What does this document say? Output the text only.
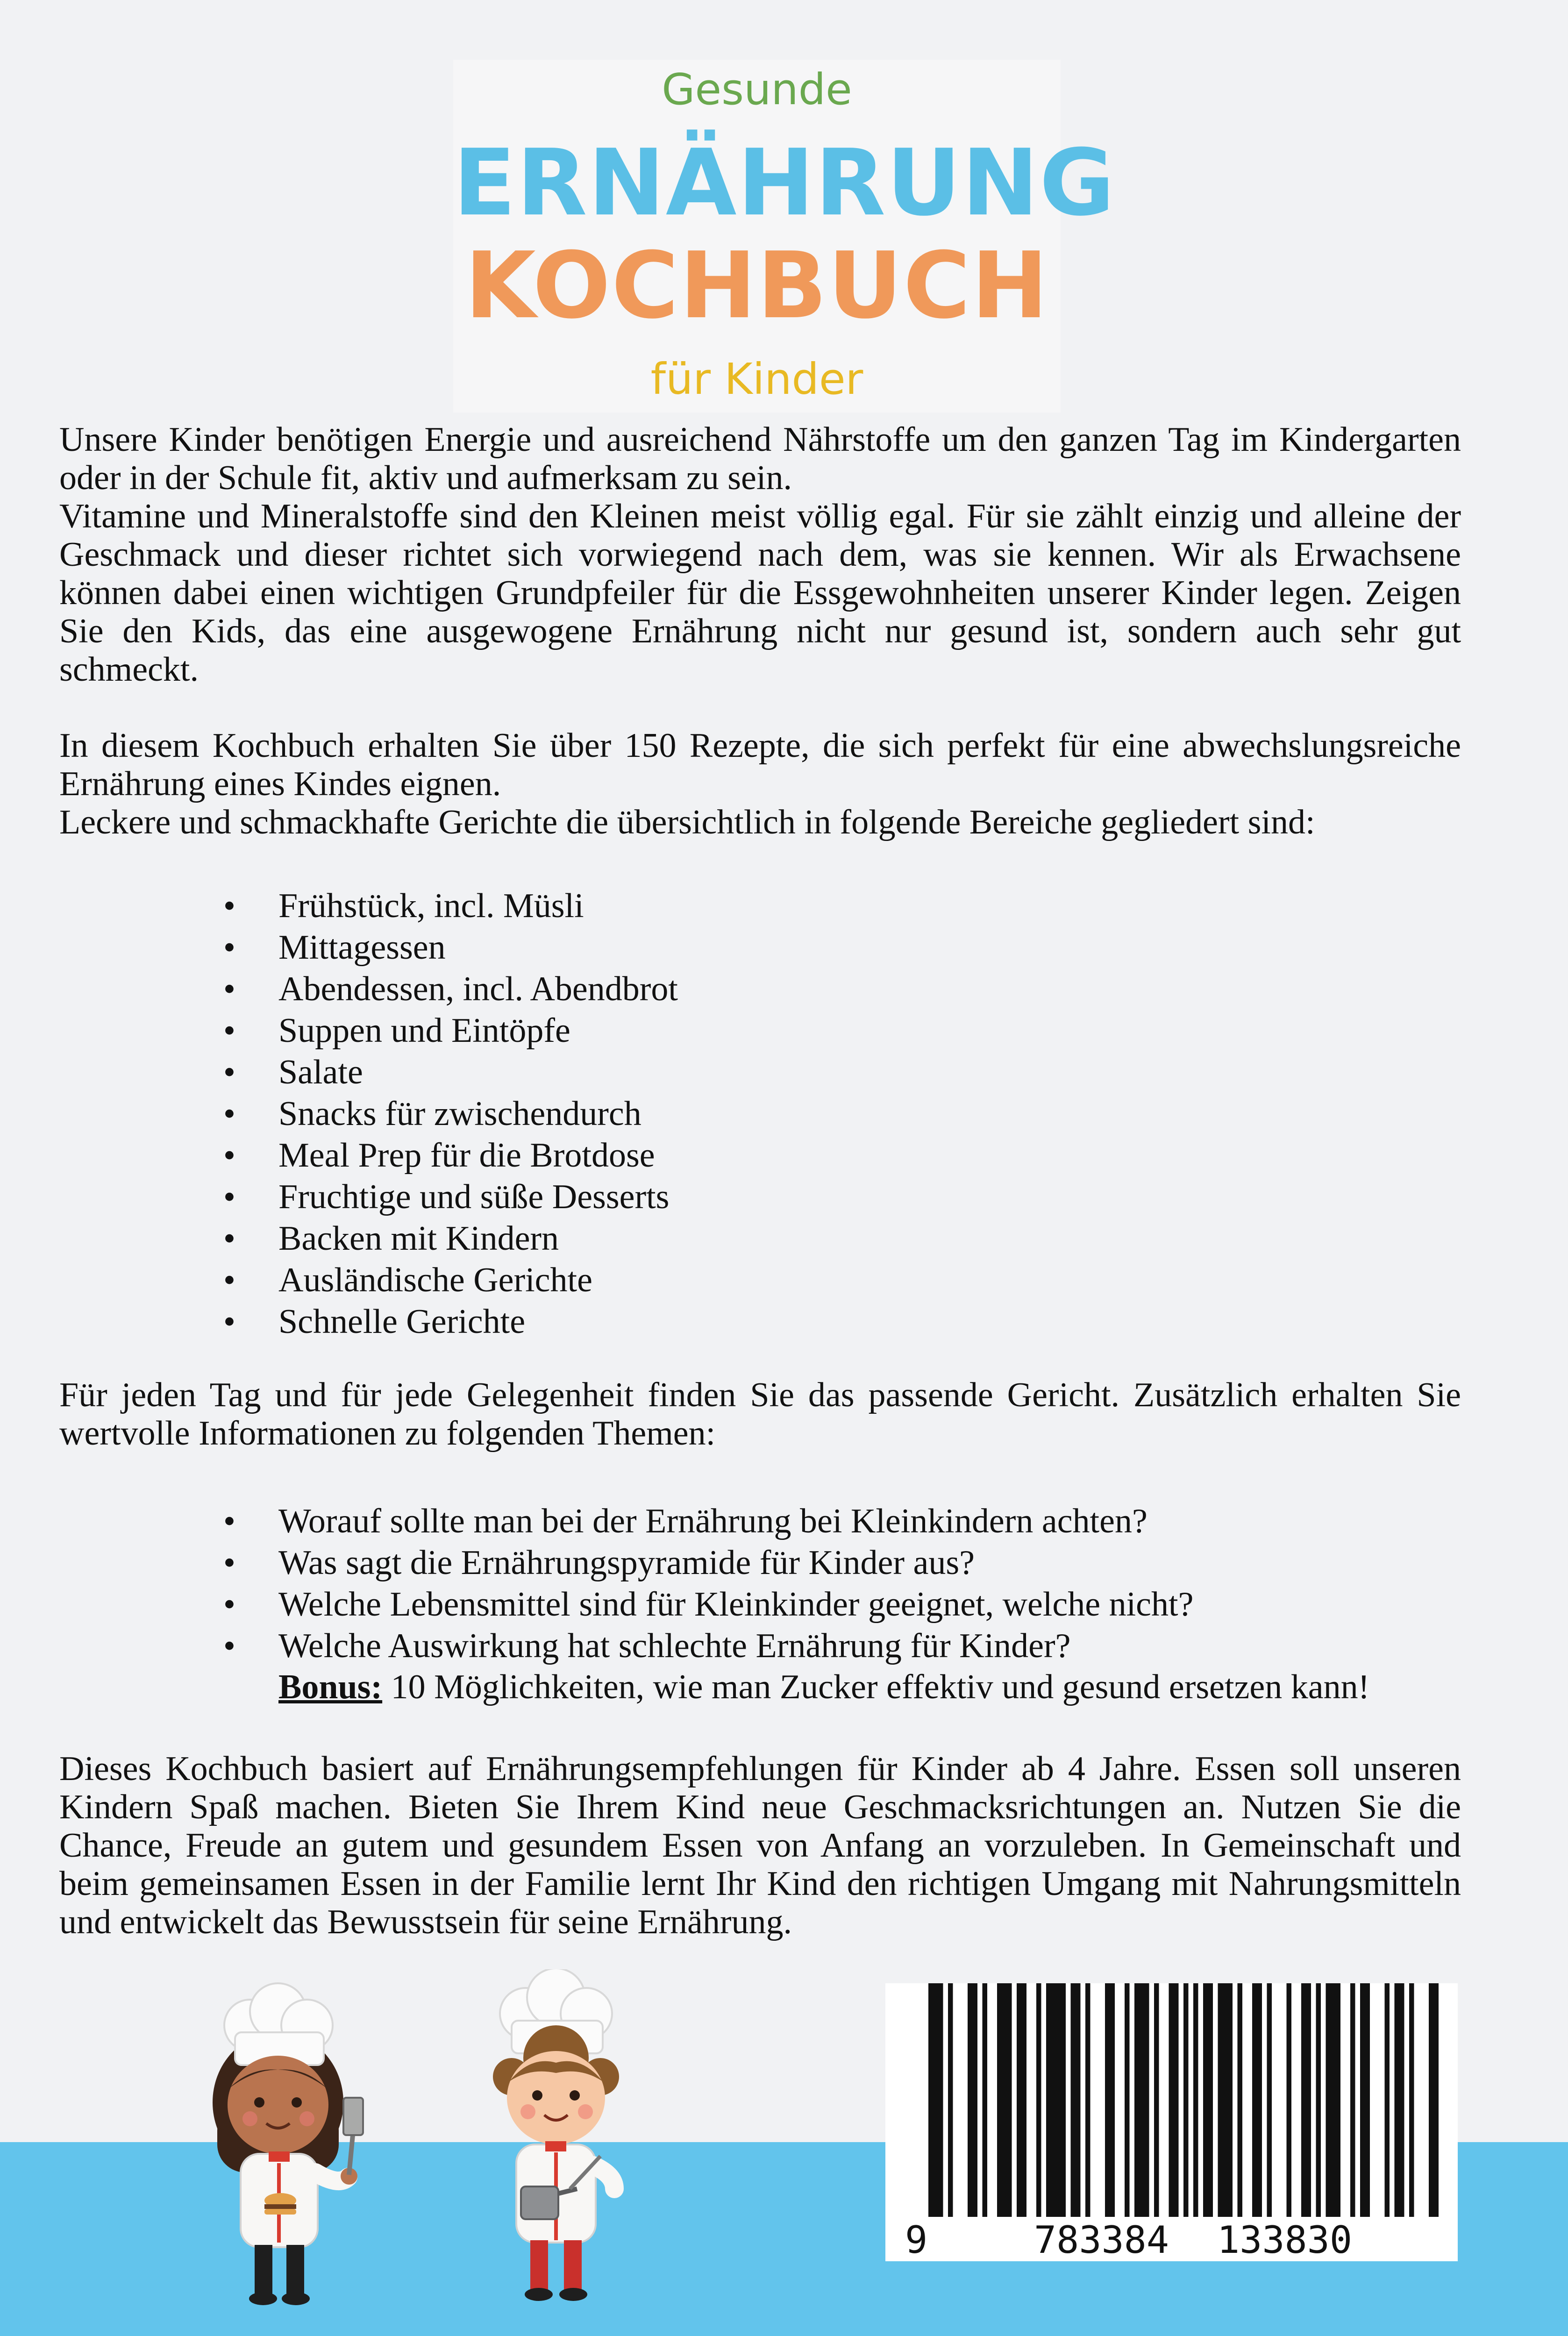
Gesunde
ERNÄHRUNG
KOCHBUCH
für Kinder

Unsere Kinder benötigen Energie und ausreichend Nährstoffe um den ganzen Tag im Kindergarten oder in der Schule fit, aktiv und aufmerksam zu sein.

Vitamine und Mineralstoffe sind den Kleinen meist völlig egal. Für sie zählt einzig und alleine der Geschmack und dieser richtet sich vorwiegend nach dem, was sie kennen. Wir als Erwachsene können dabei einen wichtigen Grundpfeiler für die Essgewohnheiten unserer Kinder legen. Zeigen Sie den Kids, das eine ausgewogene Ernährung nicht nur gesund ist, sondern auch sehr gut schmeckt.

In diesem Kochbuch erhalten Sie über 150 Rezepte, die sich perfekt für eine abwechslungsreiche Ernährung eines Kindes eignen.

Leckere und schmackhafte Gerichte die übersichtlich in folgende Bereiche gegliedert sind:

• Frühstück, incl. Müsli
• Mittagessen
• Abendessen, incl. Abendbrot
• Suppen und Eintöpfe
• Salate
• Snacks für zwischendurch
• Meal Prep für die Brotdose
• Fruchtige und süße Desserts
• Backen mit Kindern
• Ausländische Gerichte
• Schnelle Gerichte

Für jeden Tag und für jede Gelegenheit finden Sie das passende Gericht. Zusätzlich erhalten Sie wertvolle Informationen zu folgenden Themen:

• Worauf sollte man bei der Ernährung bei Kleinkindern achten?
• Was sagt die Ernährungspyramide für Kinder aus?
• Welche Lebensmittel sind für Kleinkinder geeignet, welche nicht?
• Welche Auswirkung hat schlechte Ernährung für Kinder?
Bonus: 10 Möglichkeiten, wie man Zucker effektiv und gesund ersetzen kann!

Dieses Kochbuch basiert auf Ernährungsempfehlungen für Kinder ab 4 Jahre. Essen soll unseren Kindern Spaß machen. Bieten Sie Ihrem Kind neue Geschmacksrichtungen an. Nutzen Sie die Chance, Freude an gutem und gesundem Essen von Anfang an vorzuleben. In Gemeinschaft und beim gemeinsamen Essen in der Familie lernt Ihr Kind den richtigen Umgang mit Nahrungsmitteln und entwickelt das Bewusstsein für seine Ernährung.

9	783384 133830
